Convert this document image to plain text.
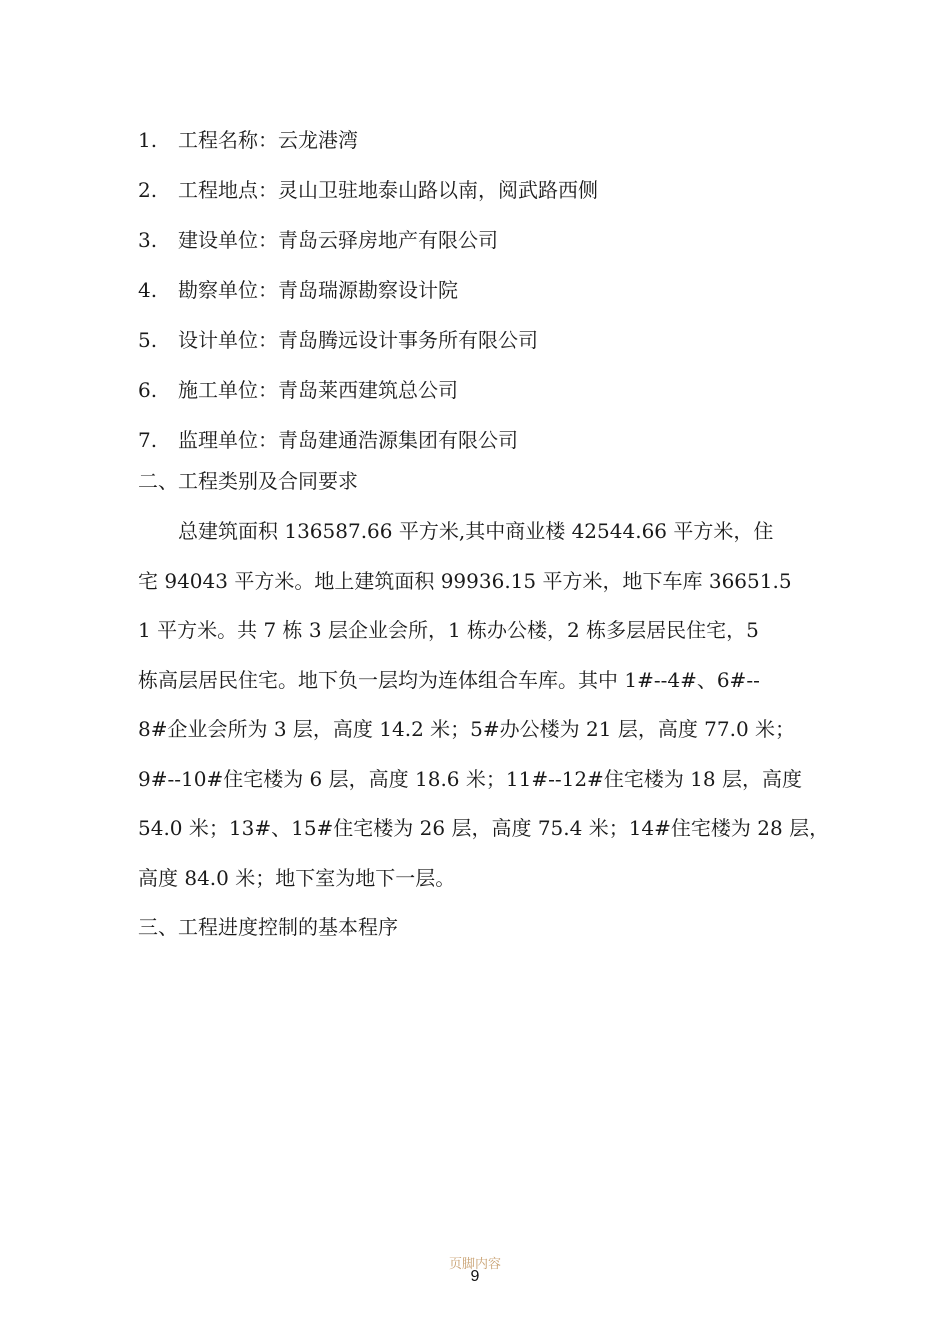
1.	工程名称：云龙港湾
2.	工程地点：灵山卫驻地泰山路以南，阅武路西侧
3.	建设单位：青岛云驿房地产有限公司
4.	勘察单位：青岛瑞源勘察设计院
5.	设计单位：青岛腾远设计事务所有限公司
6.	施工单位：青岛莱西建筑总公司
7.	监理单位：青岛建通浩源集团有限公司
二、工程类别及合同要求
总建筑面积 136587.66 平方米,其中商业楼 42544.66 平方米，住
宅 94043 平方米。地上建筑面积 99936.15 平方米，地下车库 36651.5
1 平方米。共 7 栋 3 层企业会所，1 栋办公楼，2 栋多层居民住宅，5
栋高层居民住宅。地下负一层均为连体组合车库。其中 1#--4#、6#--
8#企业会所为 3 层，高度 14.2 米；5#办公楼为 21 层，高度 77.0 米；
9#--10#住宅楼为 6 层，高度 18.6 米；11#--12#住宅楼为 18 层，高度
54.0 米；13#、15#住宅楼为 26 层，高度 75.4 米；14#住宅楼为 28 层，
高度 84.0 米；地下室为地下一层。
三、工程进度控制的基本程序
页脚内容
9
